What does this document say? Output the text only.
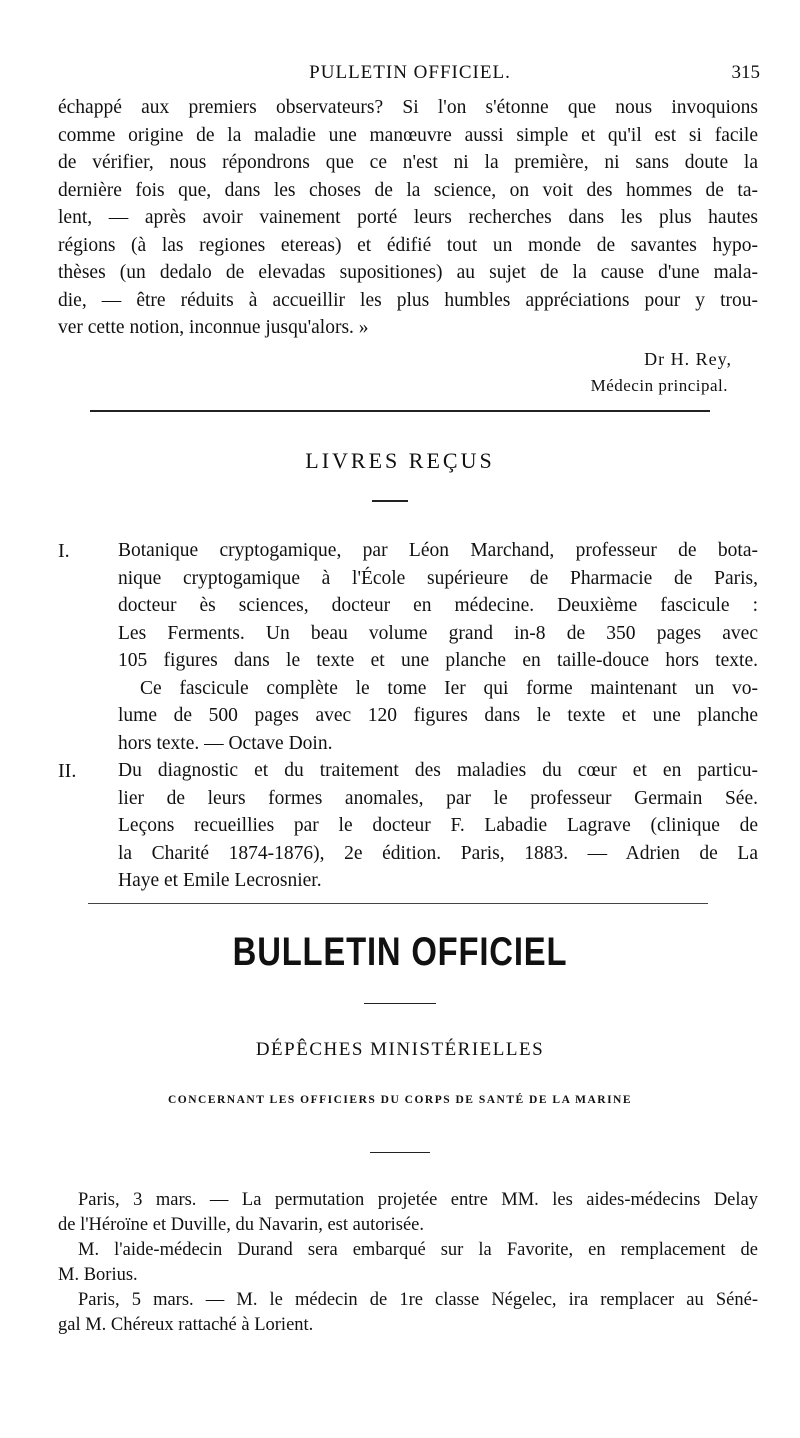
PULLETIN OFFICIEL.	315
échappé aux premiers observateurs? Si l'on s'étonne que nous invoquions
comme origine de la maladie une manœuvre aussi simple et qu'il est si facile
de vérifier, nous répondrons que ce n'est ni la première, ni sans doute la
dernière fois que, dans les choses de la science, on voit des hommes de ta-
lent, — après avoir vainement porté leurs recherches dans les plus hautes
régions (à las regiones etereas) et édifié tout un monde de savantes hypo-
thèses (un dedalo de elevadas supositiones) au sujet de la cause d'une mala-
die, — être réduits à accueillir les plus humbles appréciations pour y trou-
ver cette notion, inconnue jusqu'alors. »
Dr H. Rey,
Médecin principal.
LIVRES REÇUS
I. Botanique cryptogamique, par Léon Marchand, professeur de bota-
nique cryptogamique à l'École supérieure de Pharmacie de Paris,
docteur ès sciences, docteur en médecine. Deuxième fascicule :
Les Ferments. Un beau volume grand in-8 de 350 pages avec
105 figures dans le texte et une planche en taille-douce hors texte.
Ce fascicule complète le tome Ier qui forme maintenant un vo-
lume de 500 pages avec 120 figures dans le texte et une planche
hors texte. — Octave Doin.
II. Du diagnostic et du traitement des maladies du cœur et en particu-
lier de leurs formes anomales, par le professeur Germain Sée.
Leçons recueillies par le docteur F. Labadie Lagrave (clinique de
la Charité 1874-1876), 2e édition. Paris, 1883. — Adrien de La
Haye et Emile Lecrosnier.
BULLETIN OFFICIEL
DÉPÊCHES MINISTÉRIELLES
CONCERNANT LES OFFICIERS DU CORPS DE SANTÉ DE LA MARINE
Paris, 3 mars. — La permutation projetée entre MM. les aides-médecins Delay
de l'Héroïne et Duville, du Navarin, est autorisée.
M. l'aide-médecin Durand sera embarqué sur la Favorite, en remplacement de
M. Borius.
Paris, 5 mars. — M. le médecin de 1re classe Négelec, ira remplacer au Séné-
gal M. Chéreux rattaché à Lorient.
